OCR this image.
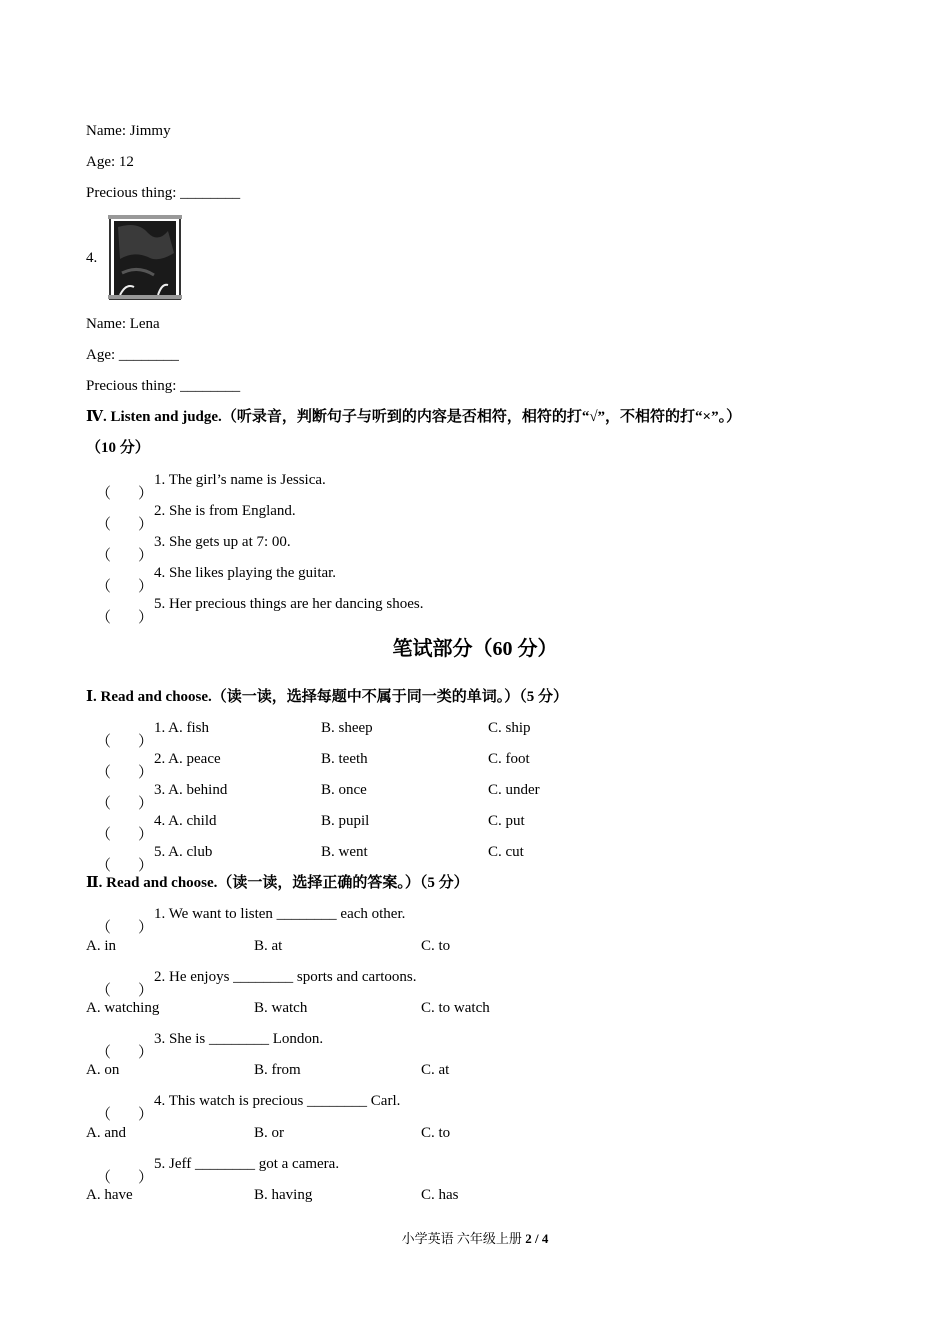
Name: Jimmy
Age: 12
Precious thing: ________
4.
Name: Lena
Age: ________
Precious thing: ________
Ⅳ. Listen and judge.（听录音，判断句子与听到的内容是否相符，相符的打“√”，不相符的打“×”。）
（10 分）
（ ）
1. The girl’s name is Jessica.
（ ）
2. She is from England.
（ ）
3. She gets up at 7: 00.
（ ）
4. She likes playing the guitar.
（ ）
5. Her precious things are her dancing shoes.
笔试部分（60 分）
Ⅰ. Read and choose.（读一读，选择每题中不属于同一类的单词。）（5 分）
（ ）
1. A. fish	B. sheep	C. ship
（ ）
2. A. peace	B. teeth	C. foot
（ ）
3. A. behind	B. once	C. under
（ ）
4. A. child	B. pupil	C. put
（ ）
5. A. club	B. went	C. cut
Ⅱ. Read and choose.（读一读，选择正确的答案。）（5 分）
（ ）
1. We want to listen ________ each other.
A. in	B. at	C. to
（ ）
2. He enjoys ________ sports and cartoons.
A. watching	B. watch	C. to watch
（ ）
3. She is ________ London.
A. on	B. from	C. at
（ ）
4. This watch is precious ________ Carl.
A. and	B. or	C. to
（ ）
5. Jeff ________ got a camera.
A. have	B. having	C. has
小学英语 六年级上册 2 / 4
